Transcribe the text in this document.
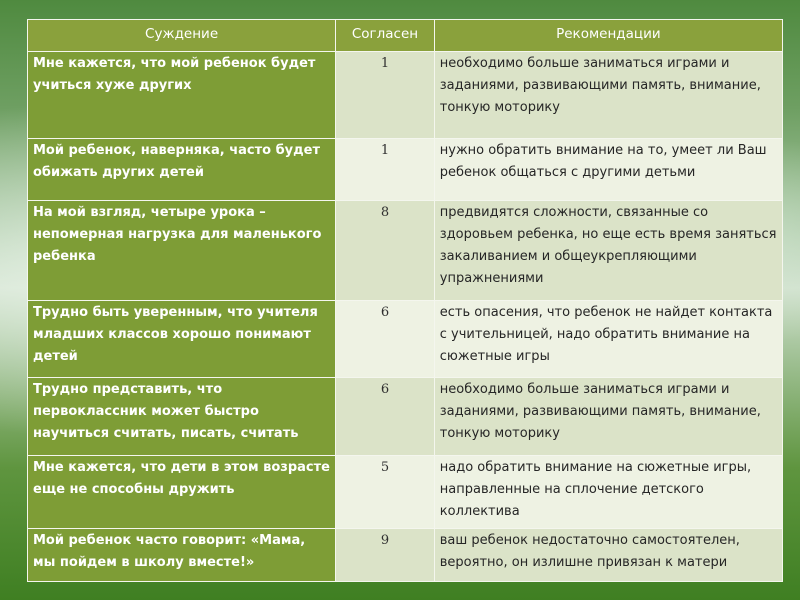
Суждение	Согласен	Рекомендации
Мне кажется, что мой ребенок будет учиться хуже других	1	необходимо больше заниматься играми и заданиями, развивающими память, внимание, тонкую моторику
Мой ребенок, наверняка, часто будет обижать других детей	1	нужно обратить внимание на то, умеет ли Ваш ребенок общаться с другими детьми
На мой взгляд, четыре урока – непомерная нагрузка для маленького ребенка	8	предвидятся сложности, связанные со здоровьем ребенка, но еще есть время заняться закаливанием и общеукрепляющими упражнениями
Трудно быть уверенным, что учителя младших классов хорошо понимают детей	6	есть опасения, что ребенок не найдет контакта с учительницей, надо обратить внимание на сюжетные игры
Трудно представить, что первоклассник может быстро научиться считать, писать, считать	6	необходимо больше заниматься играми и заданиями, развивающими память, внимание, тонкую моторику
Мне кажется, что дети в этом возрасте еще не способны дружить	5	надо обратить внимание на сюжетные игры, направленные на сплочение детского коллектива
Мой ребенок часто говорит: «Мама, мы пойдем в школу вместе!»	9	ваш ребенок недостаточно самостоятелен, вероятно, он излишне привязан к матери
